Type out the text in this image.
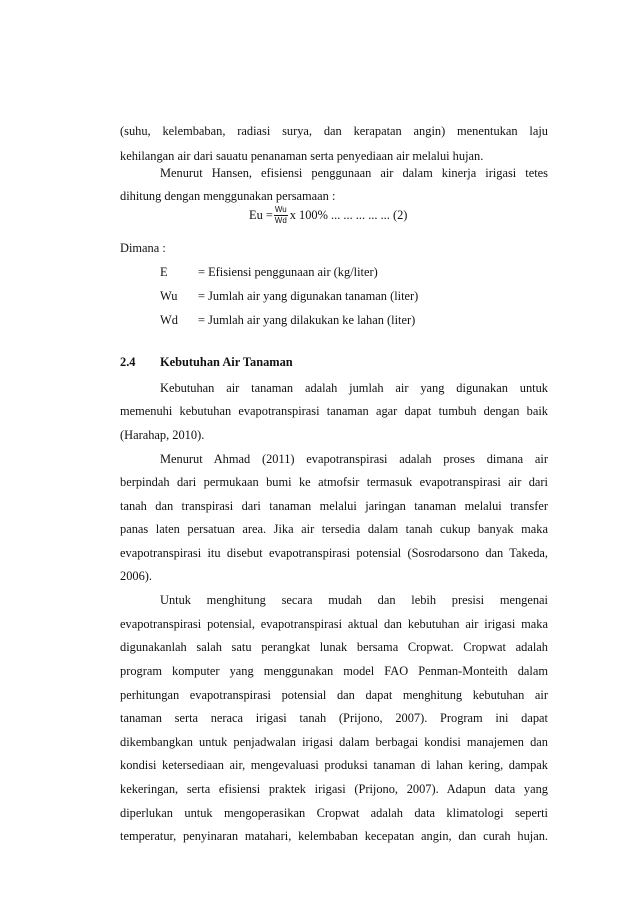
(suhu, kelembaban, radiasi surya, dan kerapatan angin) menentukan laju
kehilangan air dari sauatu penanaman serta penyediaan air melalui hujan.
Menurut Hansen, efisiensi penggunaan air dalam kinerja irigasi tetes
dihitung dengan menggunakan persamaan :
$Eu = \frac{Wu}{Wd}$ x 100% ... ... ... ... ... (2)
Dimana :
E = Efisiensi penggunaan air (kg/liter)
Wu = Jumlah air yang digunakan tanaman (liter)
Wd = Jumlah air yang dilakukan ke lahan (liter)
2.4 Kebutuhan Air Tanaman
Kebutuhan air tanaman adalah jumlah air yang digunakan untuk
memenuhi kebutuhan evapotranspirasi tanaman agar dapat tumbuh dengan baik
(Harahap, 2010).
Menurut Ahmad (2011) evapotranspirasi adalah proses dimana air
berpindah dari permukaan bumi ke atmofsir termasuk evapotranspirasi air dari
tanah dan transpirasi dari tanaman melalui jaringan tanaman melalui transfer
panas laten persatuan area. Jika air tersedia dalam tanah cukup banyak maka
evapotranspirasi itu disebut evapotranspirasi potensial (Sosrodarsono dan Takeda,
2006).
Untuk menghitung secara mudah dan lebih presisi mengenai
evapotranspirasi potensial, evapotranspirasi aktual dan kebutuhan air irigasi maka
digunakanlah salah satu perangkat lunak bersama Cropwat. Cropwat adalah
program komputer yang menggunakan model FAO Penman-Monteith dalam
perhitungan evapotranspirasi potensial dan dapat menghitung kebutuhan air
tanaman serta neraca irigasi tanah (Prijono, 2007). Program ini dapat
dikembangkan untuk penjadwalan irigasi dalam berbagai kondisi manajemen dan
kondisi ketersediaan air, mengevaluasi produksi tanaman di lahan kering, dampak
kekeringan, serta efisiensi praktek irigasi (Prijono, 2007). Adapun data yang
diperlukan untuk mengoperasikan Cropwat adalah data klimatologi seperti
temperatur, penyinaran matahari, kelembaban kecepatan angin, dan curah hujan.
